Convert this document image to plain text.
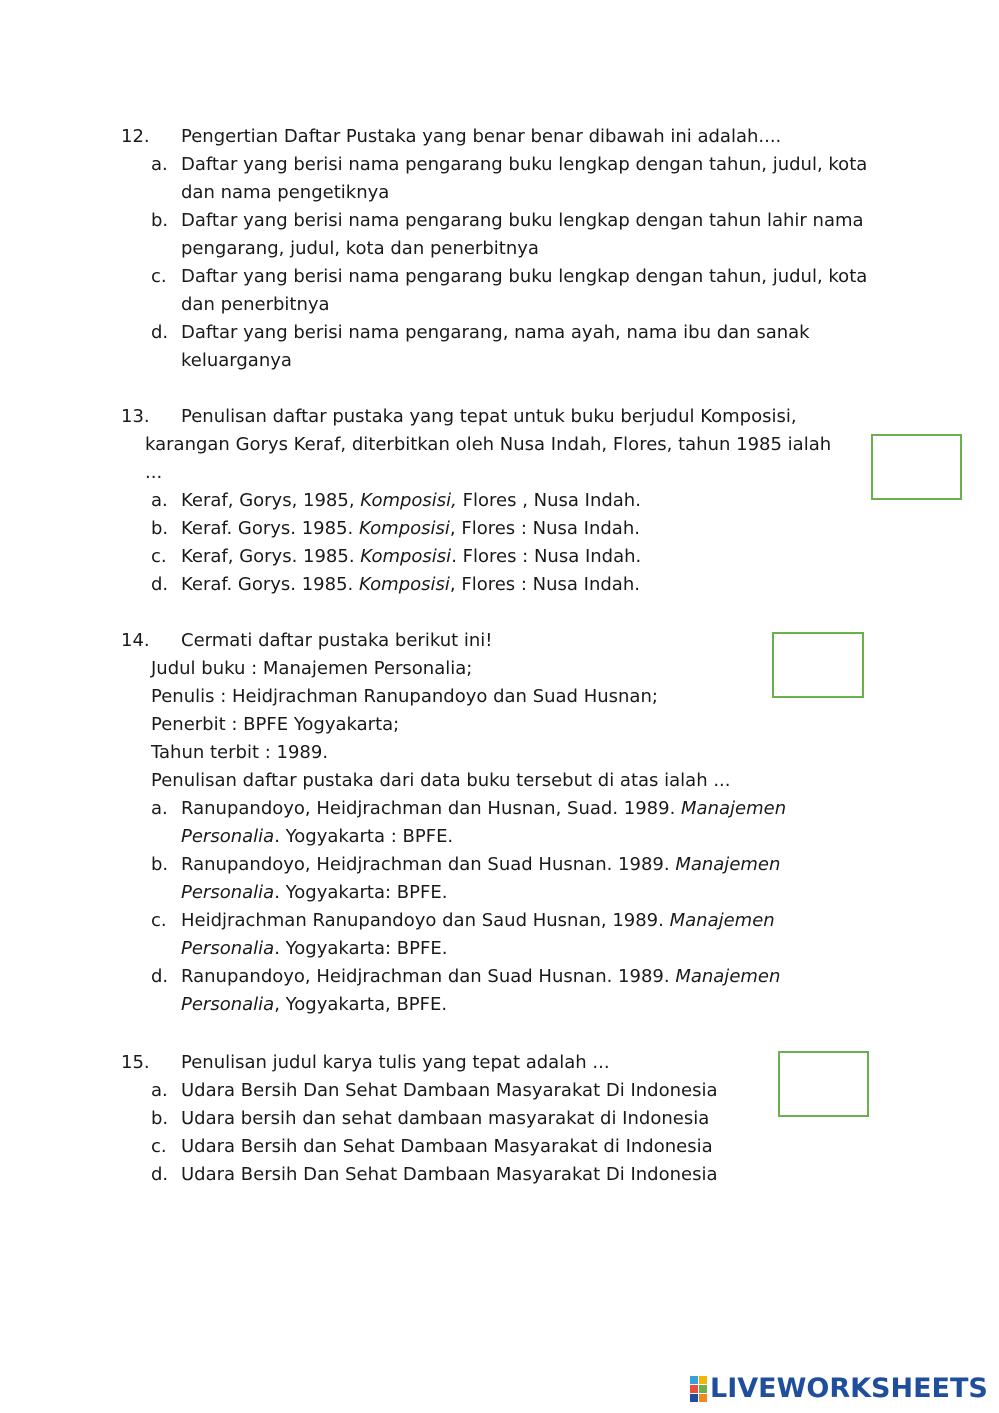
12.	Pengertian Daftar Pustaka yang benar benar dibawah ini adalah....
a. Daftar yang berisi nama pengarang buku lengkap dengan tahun, judul, kota
dan nama pengetiknya
b. Daftar yang berisi nama pengarang buku lengkap dengan tahun lahir nama
pengarang, judul, kota dan penerbitnya
c. Daftar yang berisi nama pengarang buku lengkap dengan tahun, judul, kota
dan penerbitnya
d. Daftar yang berisi nama pengarang, nama ayah, nama ibu dan sanak
keluarganya
13.	Penulisan daftar pustaka yang tepat untuk buku berjudul Komposisi,
karangan Gorys Keraf, diterbitkan oleh Nusa Indah, Flores, tahun 1985 ialah
...
a. Keraf, Gorys, 1985, Komposisi, Flores , Nusa Indah.
b. Keraf. Gorys. 1985. Komposisi, Flores : Nusa Indah.
c. Keraf, Gorys. 1985. Komposisi. Flores : Nusa Indah.
d. Keraf. Gorys. 1985. Komposisi, Flores : Nusa Indah.
14.	Cermati daftar pustaka berikut ini!
Judul buku : Manajemen Personalia;
Penulis : Heidjrachman Ranupandoyo dan Suad Husnan;
Penerbit : BPFE Yogyakarta;
Tahun terbit : 1989.
Penulisan daftar pustaka dari data buku tersebut di atas ialah ...
a. Ranupandoyo, Heidjrachman dan Husnan, Suad. 1989. Manajemen
Personalia. Yogyakarta : BPFE.
b. Ranupandoyo, Heidjrachman dan Suad Husnan. 1989. Manajemen
Personalia. Yogyakarta: BPFE.
c. Heidjrachman Ranupandoyo dan Saud Husnan, 1989. Manajemen
Personalia. Yogyakarta: BPFE.
d. Ranupandoyo, Heidjrachman dan Suad Husnan. 1989. Manajemen
Personalia, Yogyakarta, BPFE.
15.	Penulisan judul karya tulis yang tepat adalah ...
a. Udara Bersih Dan Sehat Dambaan Masyarakat Di Indonesia
b. Udara bersih dan sehat dambaan masyarakat di Indonesia
c. Udara Bersih dan Sehat Dambaan Masyarakat di Indonesia
d. Udara Bersih Dan Sehat Dambaan Masyarakat Di Indonesia
LIVEWORKSHEETS
